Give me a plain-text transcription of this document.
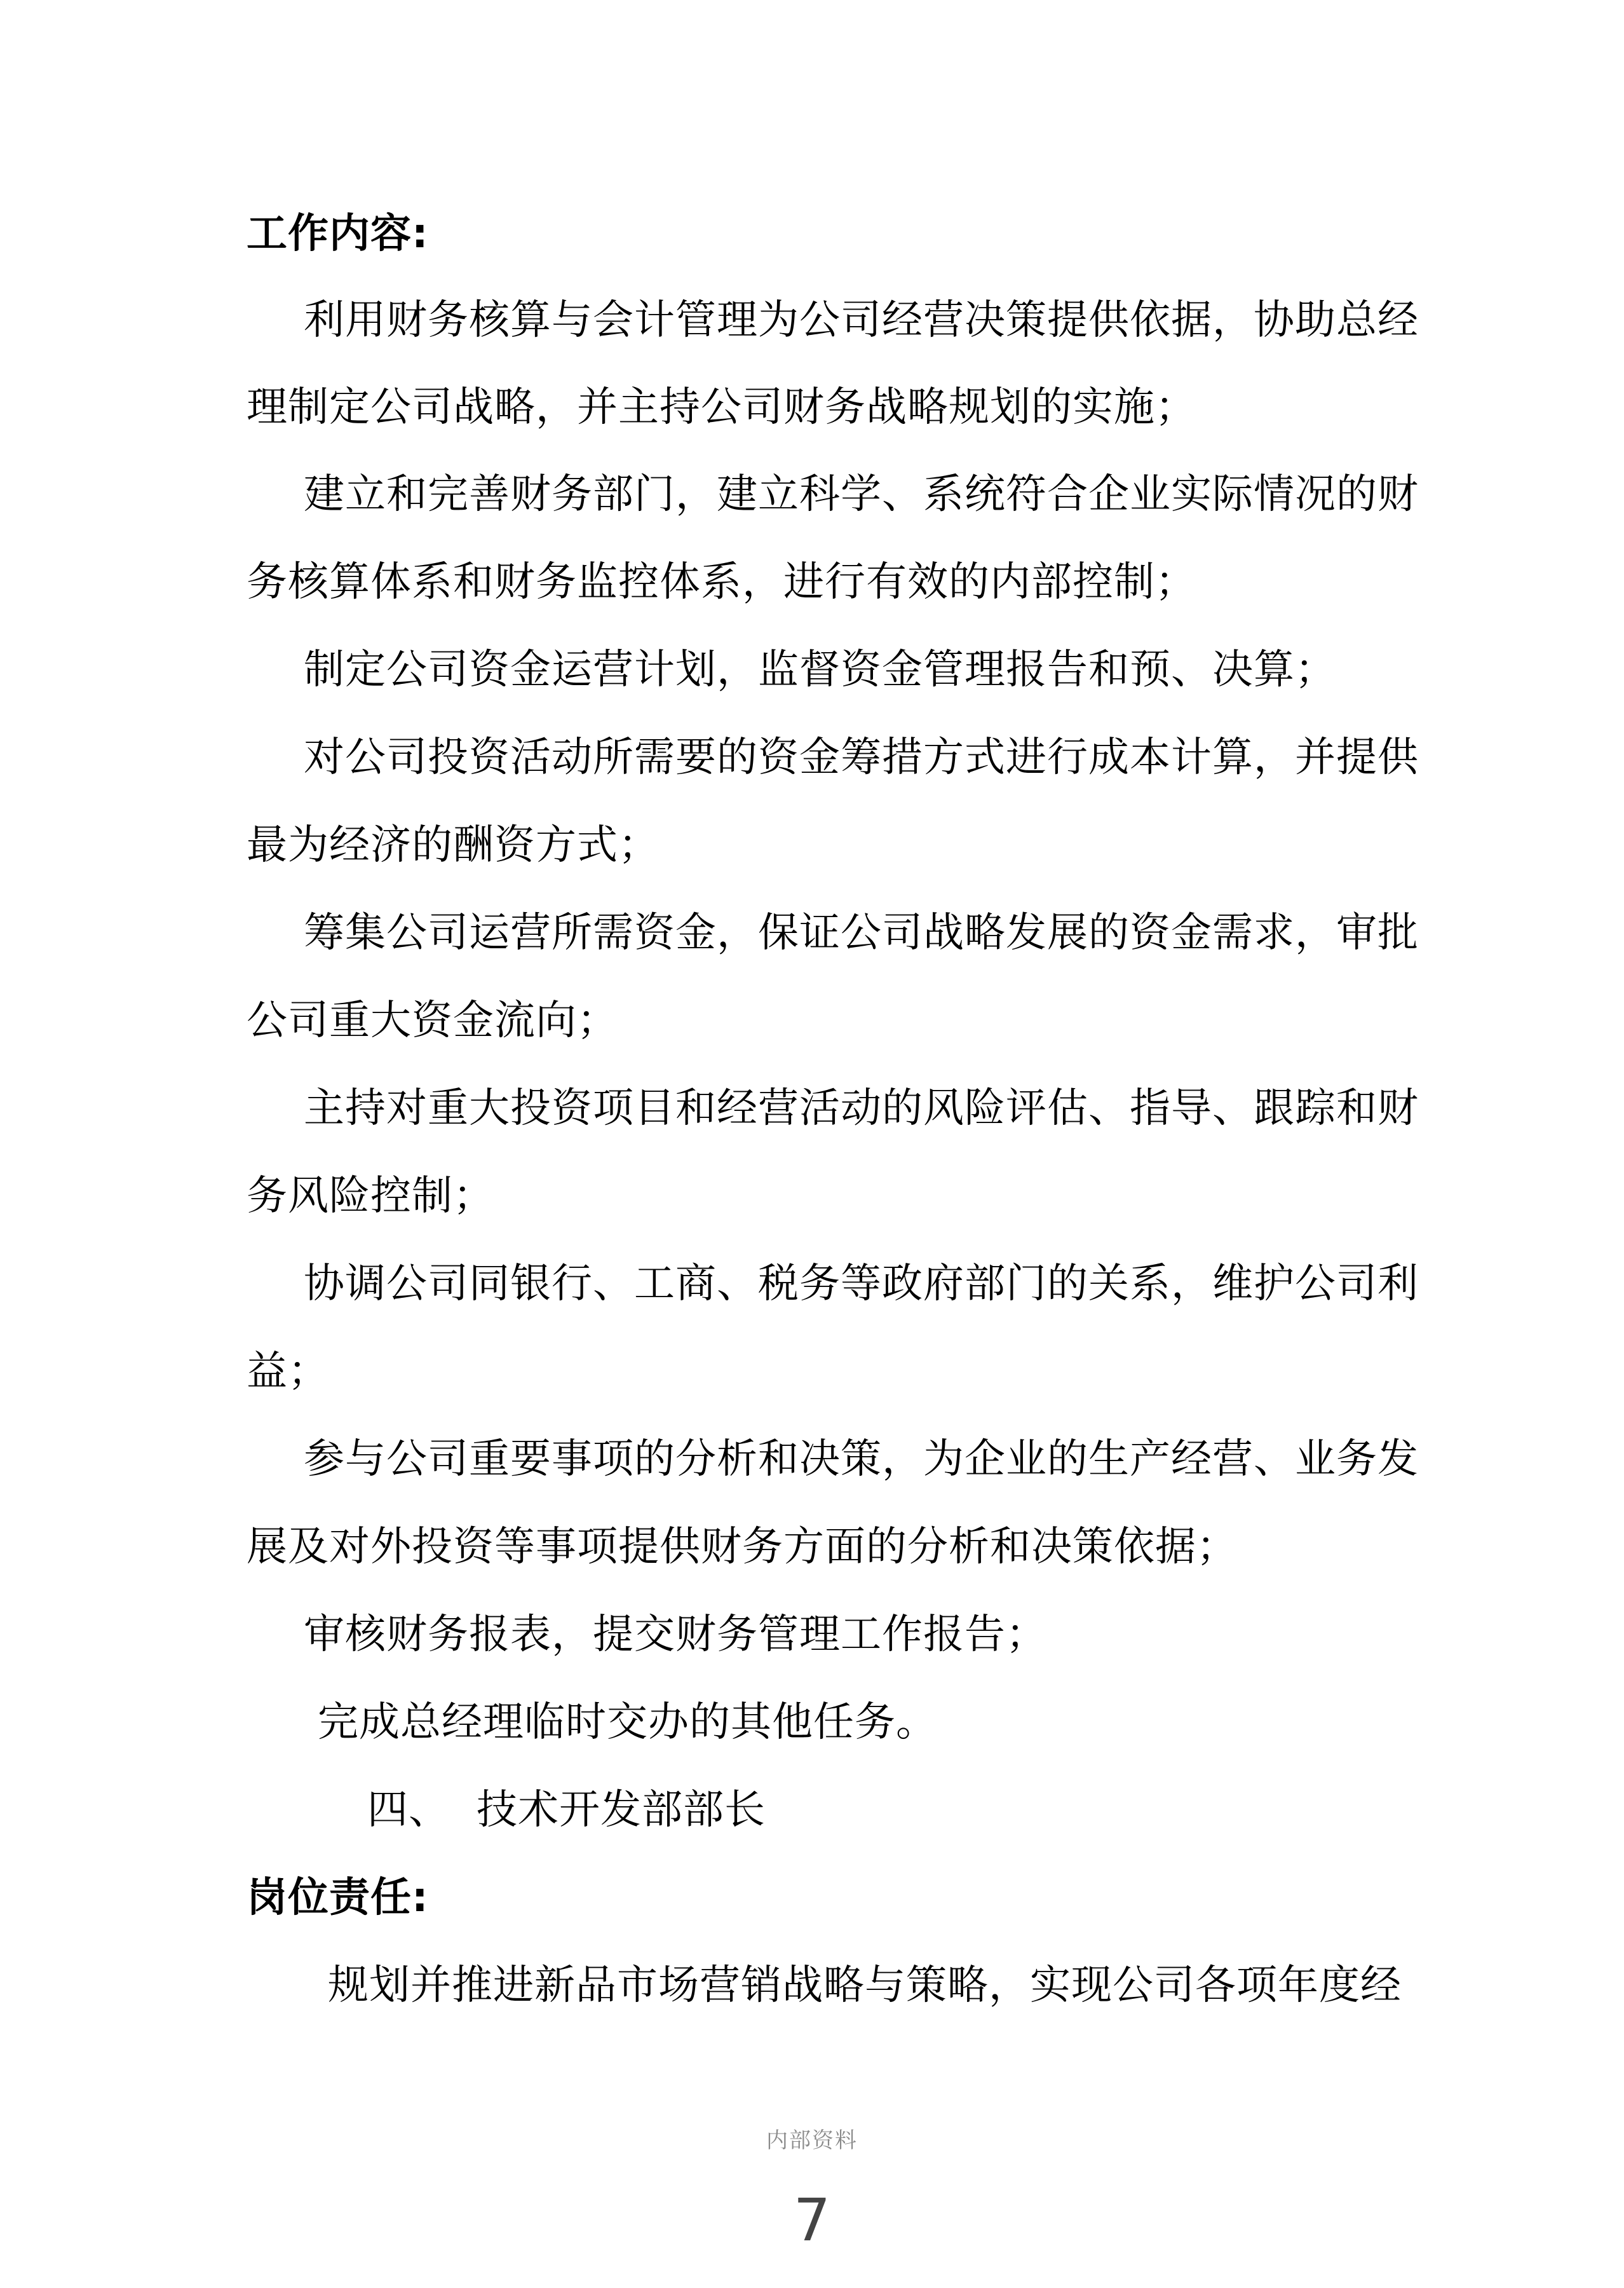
工作内容:
利用财务核算与会计管理为公司经营决策提供依据，协助总经
理制定公司战略，并主持公司财务战略规划的实施；
建立和完善财务部门，建立科学、系统符合企业实际情况的财
务核算体系和财务监控体系，进行有效的内部控制；
制定公司资金运营计划，监督资金管理报告和预、决算；
对公司投资活动所需要的资金筹措方式进行成本计算，并提供
最为经济的酬资方式；
筹集公司运营所需资金，保证公司战略发展的资金需求，审批
公司重大资金流向；
主持对重大投资项目和经营活动的风险评估、指导、跟踪和财
务风险控制；
协调公司同银行、工商、税务等政府部门的关系，维护公司利
益；
参与公司重要事项的分析和决策，为企业的生产经营、业务发
展及对外投资等事项提供财务方面的分析和决策依据；
审核财务报表，提交财务管理工作报告；
完成总经理临时交办的其他任务。
四、 技术开发部部长
岗位责任:
规划并推进新品市场营销战略与策略，实现公司各项年度经
内部资料
7
